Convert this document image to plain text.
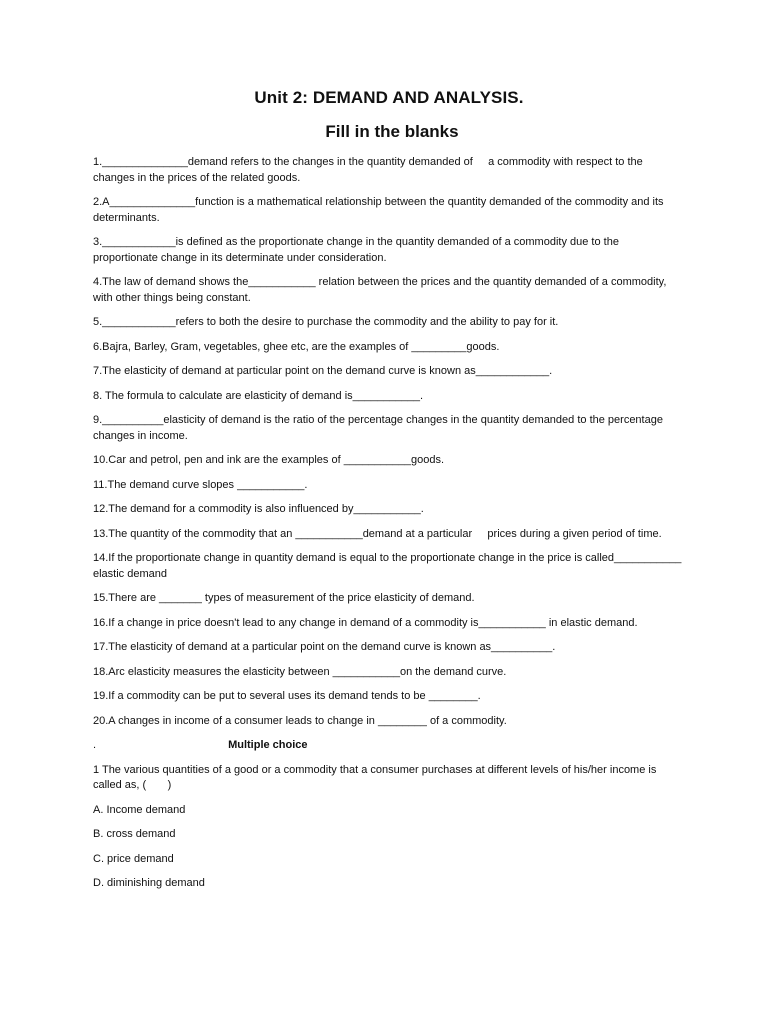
Unit 2: DEMAND AND ANALYSIS.
Fill in the blanks

1.______________demand refers to the changes in the quantity demanded of     a commodity with respect to the changes in the prices of the related goods.

2.A______________function is a mathematical relationship between the quantity demanded of the commodity and its determinants.

3.____________is defined as the proportionate change in the quantity demanded of a commodity due to the proportionate change in its determinate under consideration.

4.The law of demand shows the___________ relation between the prices and the quantity demanded of a commodity, with other things being constant.

5.____________refers to both the desire to purchase the commodity and the ability to pay for it.

6.Bajra, Barley, Gram, vegetables, ghee etc, are the examples of _________goods.

7.The elasticity of demand at particular point on the demand curve is known as____________.

8. The formula to calculate are elasticity of demand is___________.

9.__________elasticity of demand is the ratio of the percentage changes in the quantity demanded to the percentage changes in income.

10.Car and petrol, pen and ink are the examples of ___________goods.

11.The demand curve slopes ___________.

12.The demand for a commodity is also influenced by___________.

13.The quantity of the commodity that an ___________demand at a particular     prices during a given period of time.

14.If the proportionate change in quantity demand is equal to the proportionate change in the price is called___________ elastic demand

15.There are _______ types of measurement of the price elasticity of demand.

16.If a change in price doesn't lead to any change in demand of a commodity is___________ in elastic demand.

17.The elasticity of demand at a particular point on the demand curve is known as__________.

18.Arc elasticity measures the elasticity between ___________on the demand curve.

19.If a commodity can be put to several uses its demand tends to be ________.

20.A changes in income of a consumer leads to change in ________ of a commodity.

.	Multiple choice

1 The various quantities of a good or a commodity that a consumer purchases at different levels of his/her income is called as, (       )

A. Income demand

B. cross demand

C. price demand

D. diminishing demand
